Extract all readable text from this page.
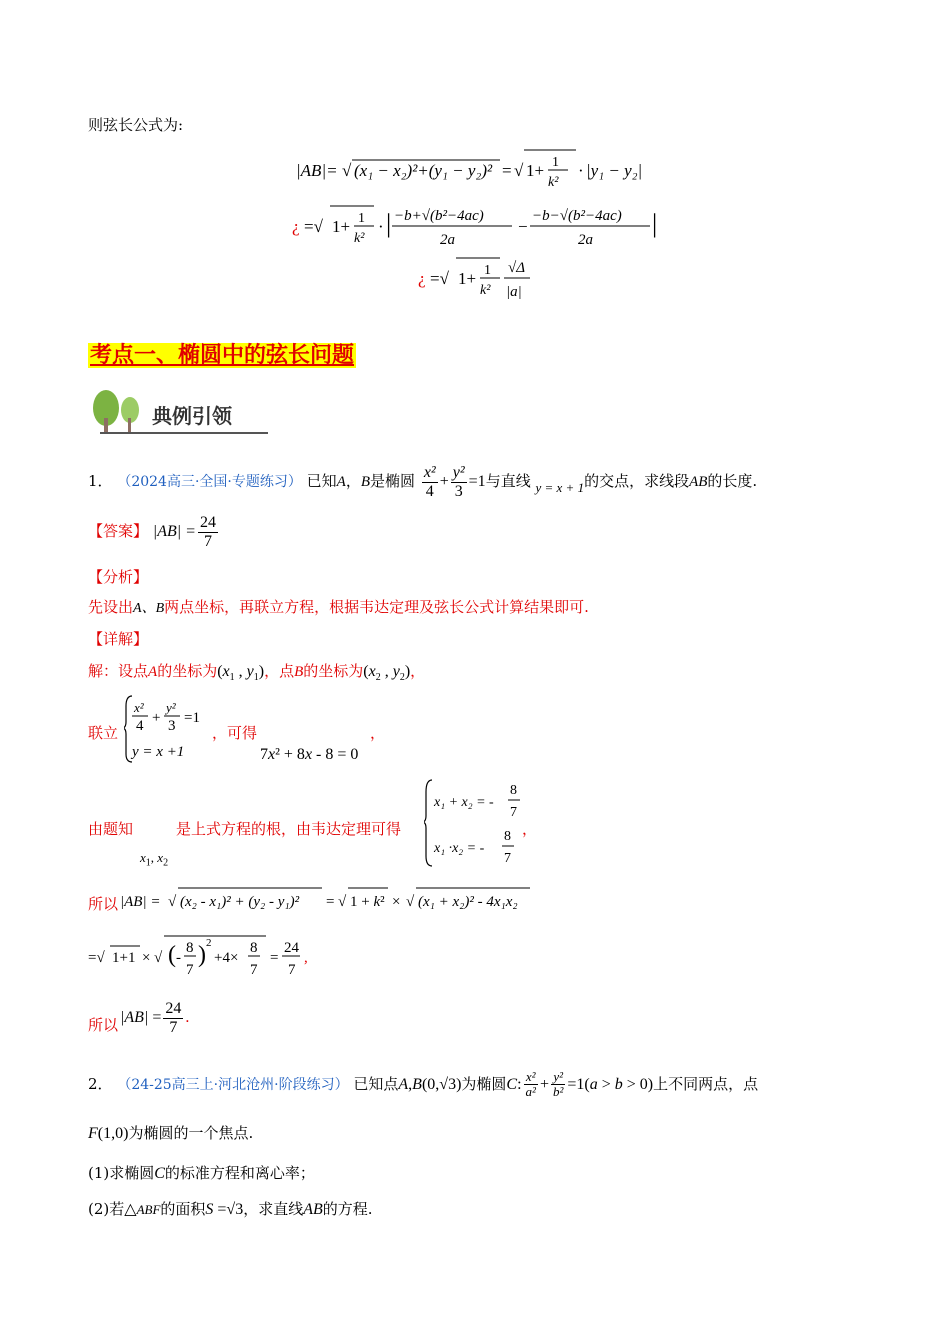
则弦长公式为:
|AB|= √ (x₁ − x₂)²+(y₁ − y₂)² = √ 1+ 1
k²
· |y₁ − y₂|
¿ =√ 1+ 1
k²
· | −b+√(b²−4ac)
2a
−
−b−√(b²−4ac)
2a
|
¿ =√ 1+ 1
k²
√Δ
|a|
考点一、椭圆中的弦长问题
典例引领
1． （2024高三·全国·专题练习） 已知A，B是椭圆 $\frac{\text{x²}}{4} + \frac{\text{y²}}{3} =1$与直线 y = x + 1的交点，求线段AB的长度.
【答案】 $|AB| = \frac{24}{7}$
【分析】
先设出A、B两点坐标，再联立方程，根据韦达定理及弦长公式计算结果即可.
【详解】
解：设点A的坐标为($x_1$ , $y_1$)，点B的坐标为($x_2$ , $y_2$)，
联立
x²
4 +
y²
3 =1
y = x +1
，可得
7x² + 8x - 8 = 0
，
由题知
$x_1$, $x_2$
是上式方程的根，由韦达定理可得
x₁ + x₂ = -
8
7
x₁ ·x₂ = -
8
7
，
所以 |AB| = √ (x₂ - x₁)² + (y₂ - y₁)² = √ 1 + k² × √ (x₁ + x₂)² - 4x₁x₂
=√ 1+1 × √ ( -
8
7
) 2
+4×
8
7
=
24
7
,
所以 $|AB| = \frac{24}{7}$ .
2． （24-25高三上·河北沧州·阶段练习） 已知点A,B(0,√3)为椭圆C: $\frac{\text{x²}}{\text{a²}} + \frac{\text{y²}}{\text{b²}} =1(a > b > 0)$上不同两点，点
F(1,0)为椭圆的一个焦点.
(1)求椭圆C的标准方程和离心率；
(2)若△ABF的面积S =√3，求直线AB的方程.
